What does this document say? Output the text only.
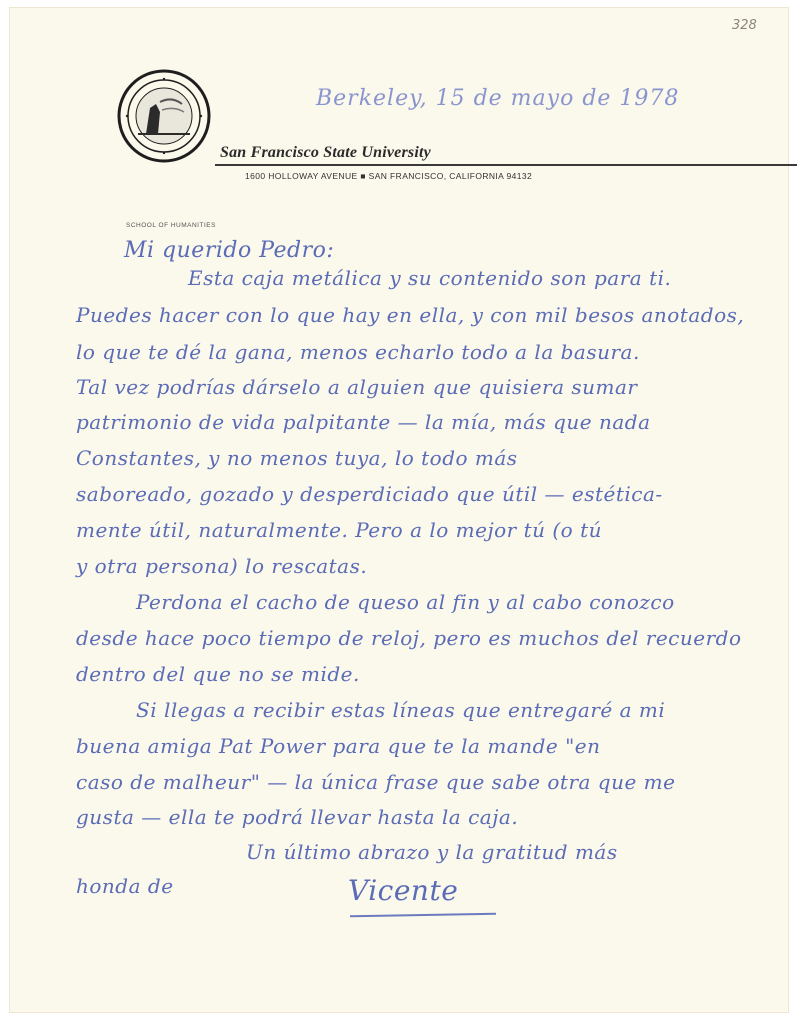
328
San Francisco State University
1600 HOLLOWAY AVENUE ■ SAN FRANCISCO, CALIFORNIA 94132
SCHOOL OF HUMANITIES
Berkeley, 15 de mayo de 1978
Mi querido Pedro:
Esta caja metálica y su contenido son para ti.
Puedes hacer con lo que hay en ella, y con mil besos anotados,
lo que te dé la gana, menos echarlo todo a la basura.
Tal vez podrías dárselo a alguien que quisiera sumar
patrimonio de vida palpitante — la mía, más que nada
Constantes, y no menos tuya, lo todo más
saboreado, gozado y desperdiciado que útil — estética-
mente útil, naturalmente. Pero a lo mejor tú (o tú
y otra persona) lo rescatas.
Perdona el cacho de queso al fin y al cabo conozco
desde hace poco tiempo de reloj, pero es muchos del recuerdo
dentro del que no se mide.
Si llegas a recibir estas líneas que entregaré a mi
buena amiga Pat Power para que te la mande "en
caso de malheur" — la única frase que sabe otra que me
gusta — ella te podrá llevar hasta la caja.
Un último abrazo y la gratitud más
honda de	Vicente
